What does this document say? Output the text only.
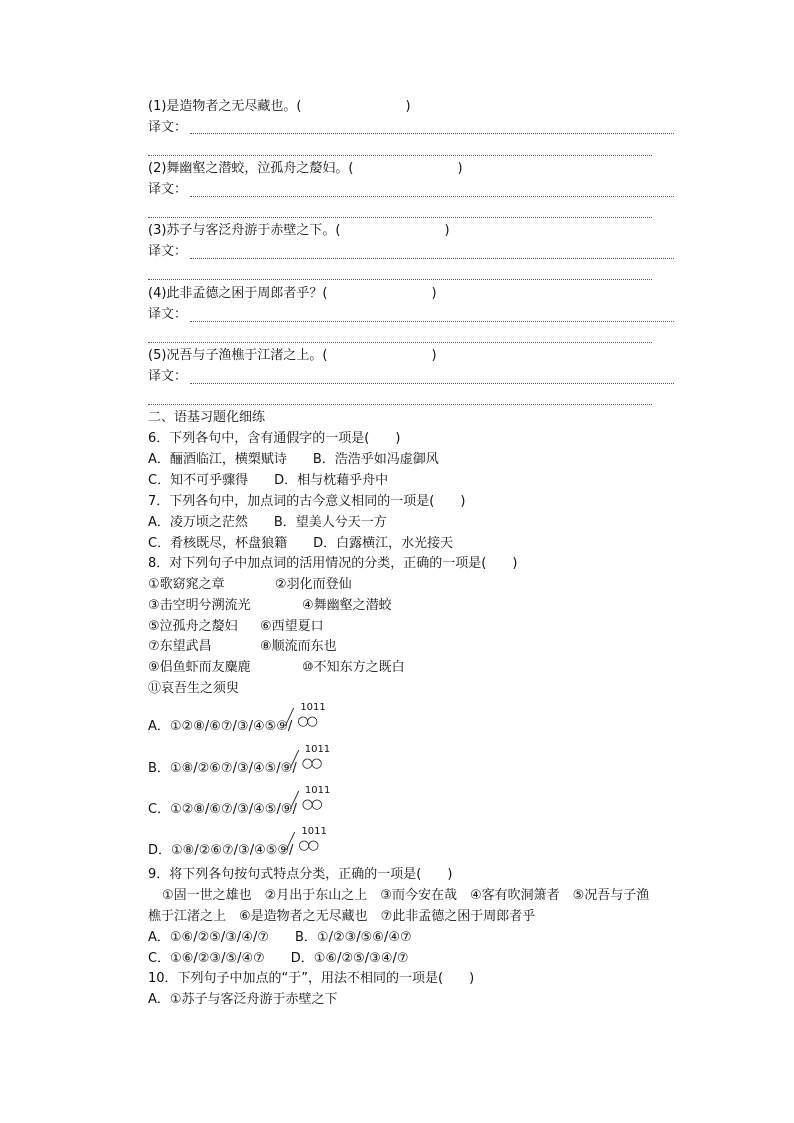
(1)是造物者之无尽藏也。(　　　　　　　　)
译文：
(2)舞幽壑之潜蛟，泣孤舟之嫠妇。(　　　　　　　　)
译文：
(3)苏子与客泛舟游于赤壁之下。(　　　　　　　　)
译文：
(4)此非孟德之困于周郎者乎？(　　　　　　　　)
译文：
(5)况吾与子渔樵于江渚之上。(　　　　　　　　)
译文：
二、语基习题化细练
6．下列各句中，含有通假字的一项是(　　)
A．酾酒临江，横槊赋诗　　B．浩浩乎如冯虚御风
C．知不可乎骤得　　D．相与枕藉乎舟中
7．下列各句中，加点词的古今意义相同的一项是(　　)
A．凌万顷之茫然　　B．望美人兮天一方
C．肴核既尽，杯盘狼籍　　D．白露横江，水光接天
8．对下列句子中加点词的活用情况的分类，正确的一项是(　　)
①歌窈窕之章	②羽化而登仙
③击空明兮溯流光	④舞幽壑之潜蛟
⑤泣孤舟之嫠妇 ⑥西望夏口
⑦东望武昌	⑧顺流而东也
⑨侣鱼虾而友麋鹿	⑩不知东方之既白
⑪哀吾生之须臾
A．①②⑧/⑥⑦/③/④⑤⑨/
1011
○○
B．①⑧/②⑥⑦/③/④⑤/⑨/
1011
○○
C．①②⑧/⑥⑦/③/④⑤/⑨/
1011
○○
D．①⑧/②⑥⑦/③/④⑤⑨/
1011
○○
9．将下列各句按句式特点分类，正确的一项是(　　)
①固一世之雄也　②月出于东山之上　③而今安在哉　④客有吹洞箫者　⑤况吾与子渔
樵于江渚之上　⑥是造物者之无尽藏也　⑦此非孟德之困于周郎者乎
A．①⑥/②⑤/③/④/⑦　　B．①/②③/⑤⑥/④⑦
C．①⑥/②③/⑤/④⑦　　D．①⑥/②⑤/③④/⑦
10．下列句子中加点的“于”，用法不相同的一项是(　　)
A．①苏子与客泛舟游于赤壁之下
